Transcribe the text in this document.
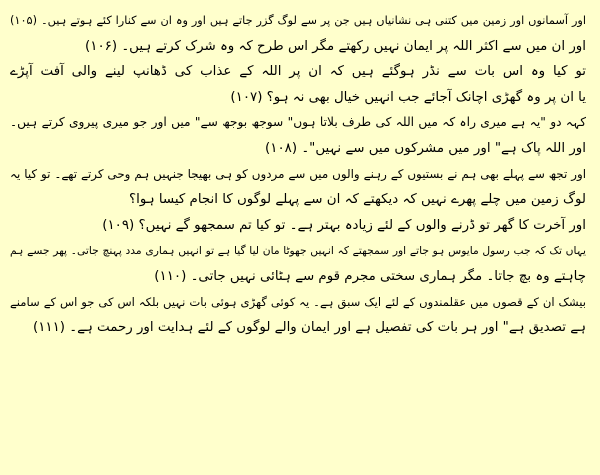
اور آسمانوں اور زمین میں کتنی ہی نشانیاں ہیں جن پر سے لوگ گزر جاتے ہیں اور وہ ان سے کنارا کئے ہوتے ہیں۔ (۱۰۵)
اور ان میں سے اکثر اللہ پر ایمان نہیں رکھتے مگر اس طرح کہ وہ شرک کرتے ہیں۔ (۱۰۶)
تو کیا وہ اس بات سے نڈر ہوگئے ہیں کہ ان پر اللہ کے عذاب کی ڈھانپ لینے والی آفت آپڑے
یا ان پر وہ گھڑی اچانک آجائے جب انہیں خیال بھی نہ ہو؟ (۱۰۷)
کہہ دو "یہ ہے میری راہ کہ میں اللہ کی طرف بلاتا ہوں" سوجھ بوجھ سے" میں اور جو میری پیروی کرتے ہیں۔
اور اللہ پاک ہے" اور میں مشرکوں میں سے نہیں"۔ (۱۰۸)
اور تجھ سے پہلے بھی ہم نے بستیوں کے رہنے والوں میں سے مردوں کو ہی بھیجا جنہیں ہم وحی کرتے تھے۔ تو کیا یہ
لوگ زمین میں چلے پھرے نہیں کہ دیکھتے کہ ان سے پہلے لوگوں کا انجام کیسا ہوا؟
اور آخرت کا گھر تو ڈرنے والوں کے لئے زیادہ بہتر ہے۔ تو کیا تم سمجھو گے نہیں؟ (۱۰۹)
یہاں تک کہ جب رسول مایوس ہو جاتے اور سمجھتے کہ انہیں جھوٹا مان لیا گیا ہے تو انہیں ہماری مدد پہنچ جاتی۔ پھر جسے ہم
چاہتے وہ بچ جاتا۔ مگر ہماری سختی مجرم قوم سے ہٹائی نہیں جاتی۔ (۱۱۰)
بیشک ان کے قصوں میں عقلمندوں کے لئے ایک سبق ہے۔ یہ کوئی گھڑی ہوئی بات نہیں بلکہ اس کی جو اس کے سامنے
ہے تصدیق ہے" اور ہر بات کی تفصیل ہے اور ایمان والے لوگوں کے لئے ہدایت اور رحمت ہے۔ (۱۱۱)
